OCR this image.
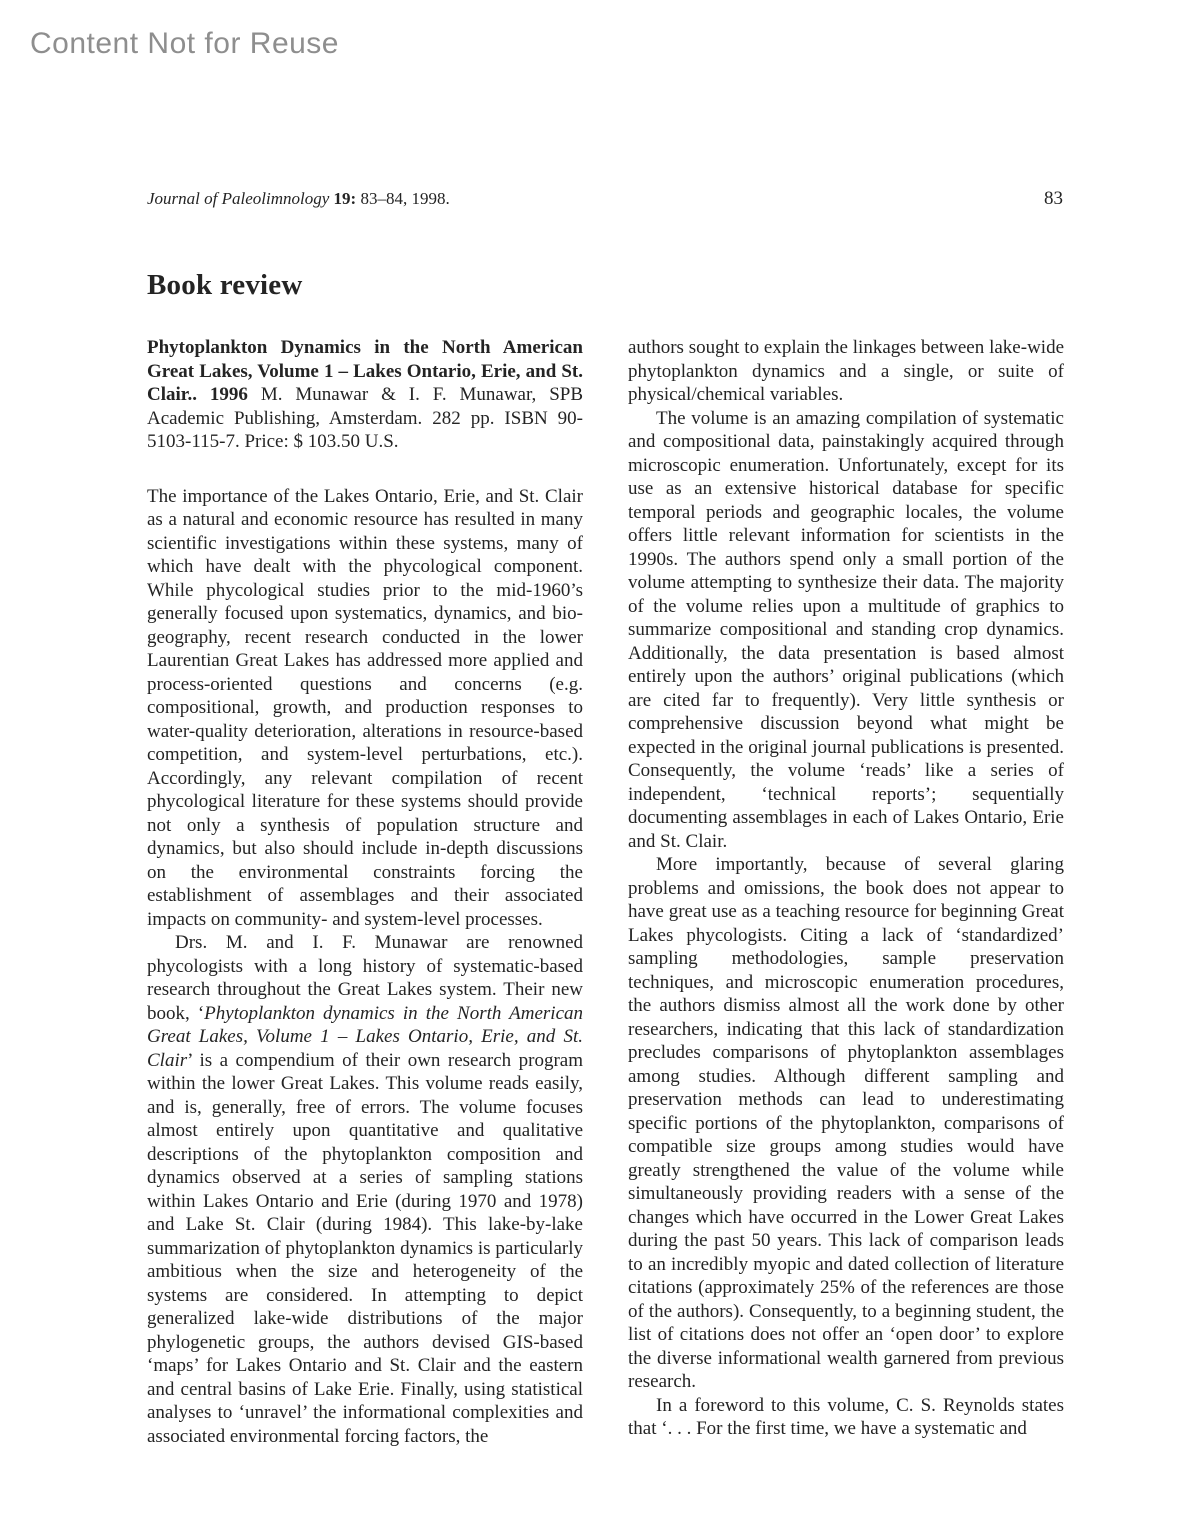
Content Not for Reuse
Journal of Paleolimnology 19: 83–84, 1998.	83
Book review

Phytoplankton Dynamics in the North American Great Lakes, Volume 1 – Lakes Ontario, Erie, and St. Clair.. 1996 M. Munawar & I. F. Munawar, SPB Academic Publishing, Amsterdam. 282 pp. ISBN 90-5103-115-7. Price: $ 103.50 U.S.

The importance of the Lakes Ontario, Erie, and St. Clair as a natural and economic resource has resulted in many scientific investigations within these systems, many of which have dealt with the phycological component. While phycological studies prior to the mid-1960’s generally focused upon systematics, dynamics, and bio-geography, recent research conducted in the lower Laurentian Great Lakes has addressed more applied and process-oriented questions and concerns (e.g. compositional, growth, and production responses to water-quality deterioration, alterations in resource-based competition, and system-level perturbations, etc.). Accordingly, any relevant compilation of recent phycological literature for these systems should provide not only a synthesis of population structure and dynamics, but also should include in-depth discussions on the environmental constraints forcing the establishment of assemblages and their associated impacts on community- and system-level processes.

Drs. M. and I. F. Munawar are renowned phycologists with a long history of systematic-based research throughout the Great Lakes system. Their new book, ‘Phytoplankton dynamics in the North American Great Lakes, Volume 1 – Lakes Ontario, Erie, and St. Clair’ is a compendium of their own research program within the lower Great Lakes. This volume reads easily, and is, generally, free of errors. The volume focuses almost entirely upon quantitative and qualitative descriptions of the phytoplankton composition and dynamics observed at a series of sampling stations within Lakes Ontario and Erie (during 1970 and 1978) and Lake St. Clair (during 1984). This lake-by-lake summarization of phytoplankton dynamics is particularly ambitious when the size and heterogeneity of the systems are considered. In attempting to depict generalized lake-wide distributions of the major phylogenetic groups, the authors devised GIS-based ‘maps’ for Lakes Ontario and St. Clair and the eastern and central basins of Lake Erie. Finally, using statistical analyses to ‘unravel’ the informational complexities and associated environmental forcing factors, the

authors sought to explain the linkages between lake-wide phytoplankton dynamics and a single, or suite of physical/chemical variables.

The volume is an amazing compilation of systematic and compositional data, painstakingly acquired through microscopic enumeration. Unfortunately, except for its use as an extensive historical database for specific temporal periods and geographic locales, the volume offers little relevant information for scientists in the 1990s. The authors spend only a small portion of the volume attempting to synthesize their data. The majority of the volume relies upon a multitude of graphics to summarize compositional and standing crop dynamics. Additionally, the data presentation is based almost entirely upon the authors’ original publications (which are cited far to frequently). Very little synthesis or comprehensive discussion beyond what might be expected in the original journal publications is presented. Consequently, the volume ‘reads’ like a series of independent, ‘technical reports’; sequentially documenting assemblages in each of Lakes Ontario, Erie and St. Clair.

More importantly, because of several glaring problems and omissions, the book does not appear to have great use as a teaching resource for beginning Great Lakes phycologists. Citing a lack of ‘standardized’ sampling methodologies, sample preservation techniques, and microscopic enumeration procedures, the authors dismiss almost all the work done by other researchers, indicating that this lack of standardization precludes comparisons of phytoplankton assemblages among studies. Although different sampling and preservation methods can lead to underestimating specific portions of the phytoplankton, comparisons of compatible size groups among studies would have greatly strengthened the value of the volume while simultaneously providing readers with a sense of the changes which have occurred in the Lower Great Lakes during the past 50 years. This lack of comparison leads to an incredibly myopic and dated collection of literature citations (approximately 25% of the references are those of the authors). Consequently, to a beginning student, the list of citations does not offer an ‘open door’ to explore the diverse informational wealth garnered from previous research.

In a foreword to this volume, C. S. Reynolds states that ‘. . . For the first time, we have a systematic and
